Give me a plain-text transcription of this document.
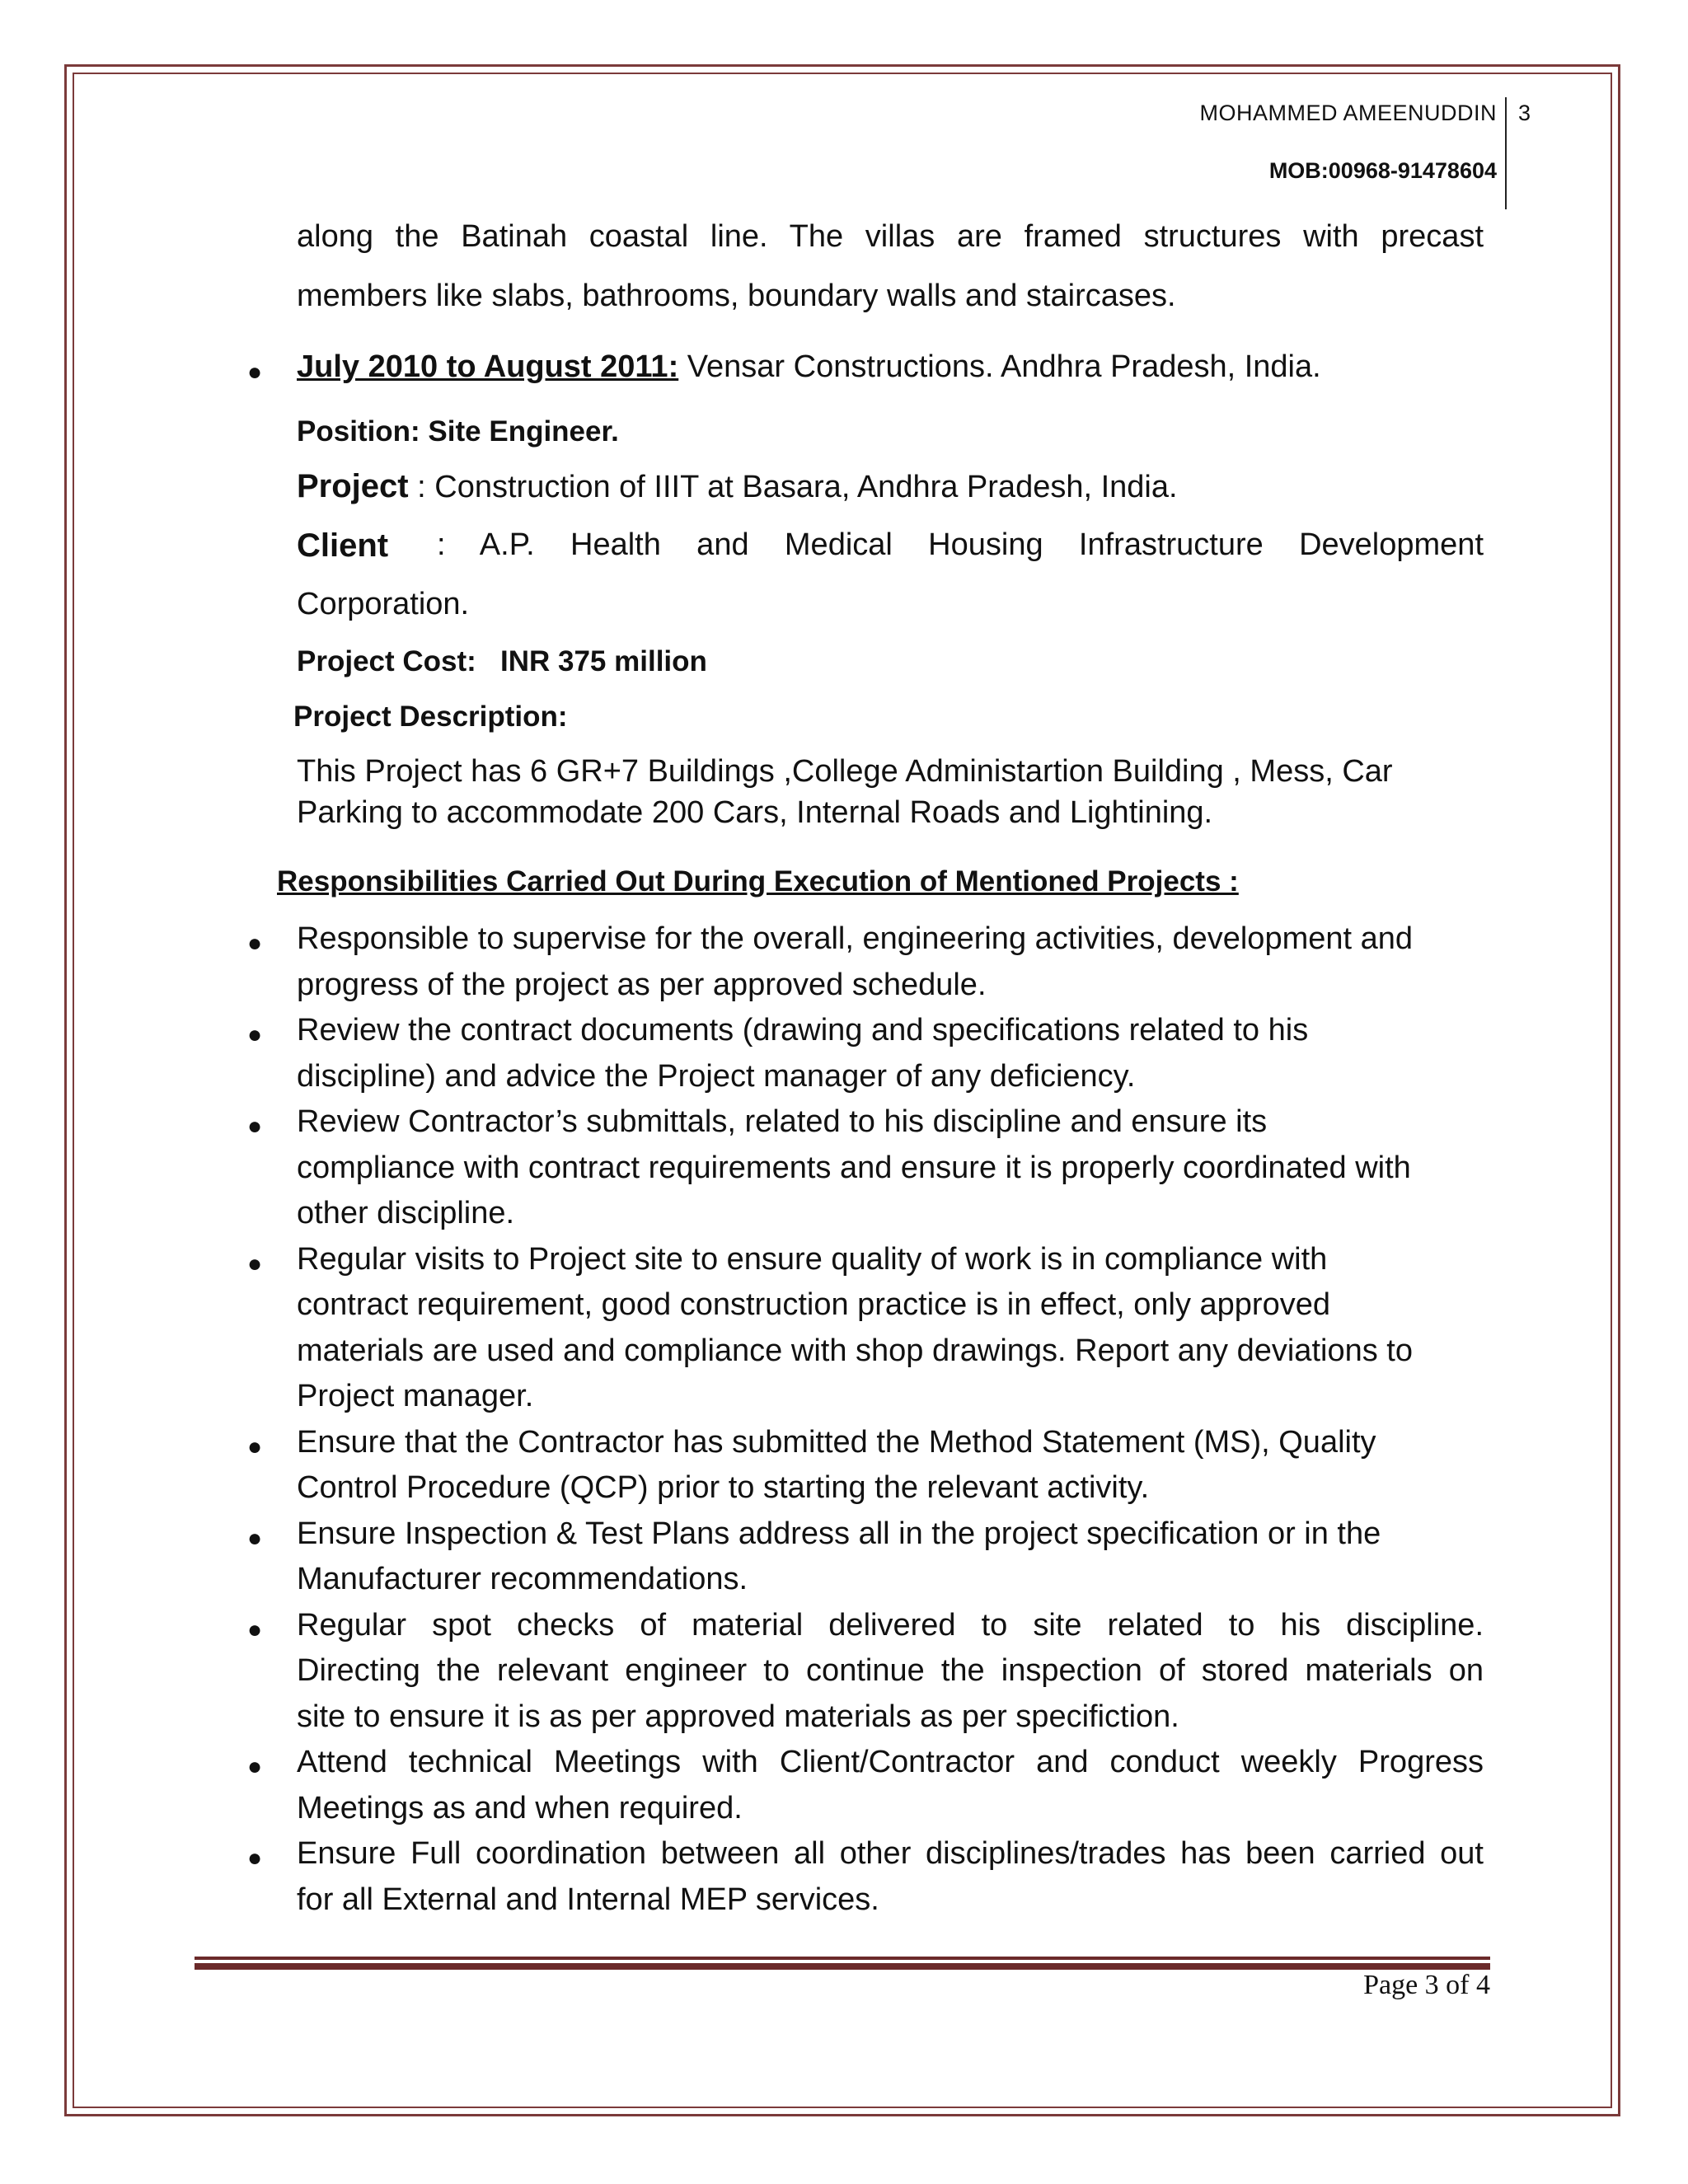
MOHAMMED AMEENUDDIN
MOB:00968-91478604
3
along the Batinah coastal line. The villas are framed structures with precast
members like slabs, bathrooms, boundary walls and staircases.
● July 2010 to August 2011: Vensar Constructions. Andhra Pradesh, India.
Position: Site Engineer.
Project : Construction of IIIT at Basara, Andhra Pradesh, India.
Client	: A.P. Health and Medical Housing Infrastructure Development
Corporation.
Project Cost: INR 375 million
Project Description:
This Project has 6 GR+7 Buildings ,College Administartion Building , Mess, Car
Parking to accommodate 200 Cars, Internal Roads and Lightining.
Responsibilities Carried Out During Execution of Mentioned Projects :
● Responsible to supervise for the overall, engineering activities, development and
progress of the project as per approved schedule.
● Review the contract documents (drawing and specifications related to his
discipline) and advice the Project manager of any deficiency.
● Review Contractor’s submittals, related to his discipline and ensure its
compliance with contract requirements and ensure it is properly coordinated with
other discipline.
● Regular visits to Project site to ensure quality of work is in compliance with
contract requirement, good construction practice is in effect, only approved
materials are used and compliance with shop drawings. Report any deviations to
Project manager.
● Ensure that the Contractor has submitted the Method Statement (MS), Quality
Control Procedure (QCP) prior to starting the relevant activity.
● Ensure Inspection & Test Plans address all in the project specification or in the
Manufacturer recommendations.
● Regular spot checks of material delivered to site related to his discipline.
Directing the relevant engineer to continue the inspection of stored materials on
site to ensure it is as per approved materials as per specifiction.
● Attend technical Meetings with Client/Contractor and conduct weekly Progress
Meetings as and when required.
● Ensure Full coordination between all other disciplines/trades has been carried out
for all External and Internal MEP services.
Page 3 of 4
